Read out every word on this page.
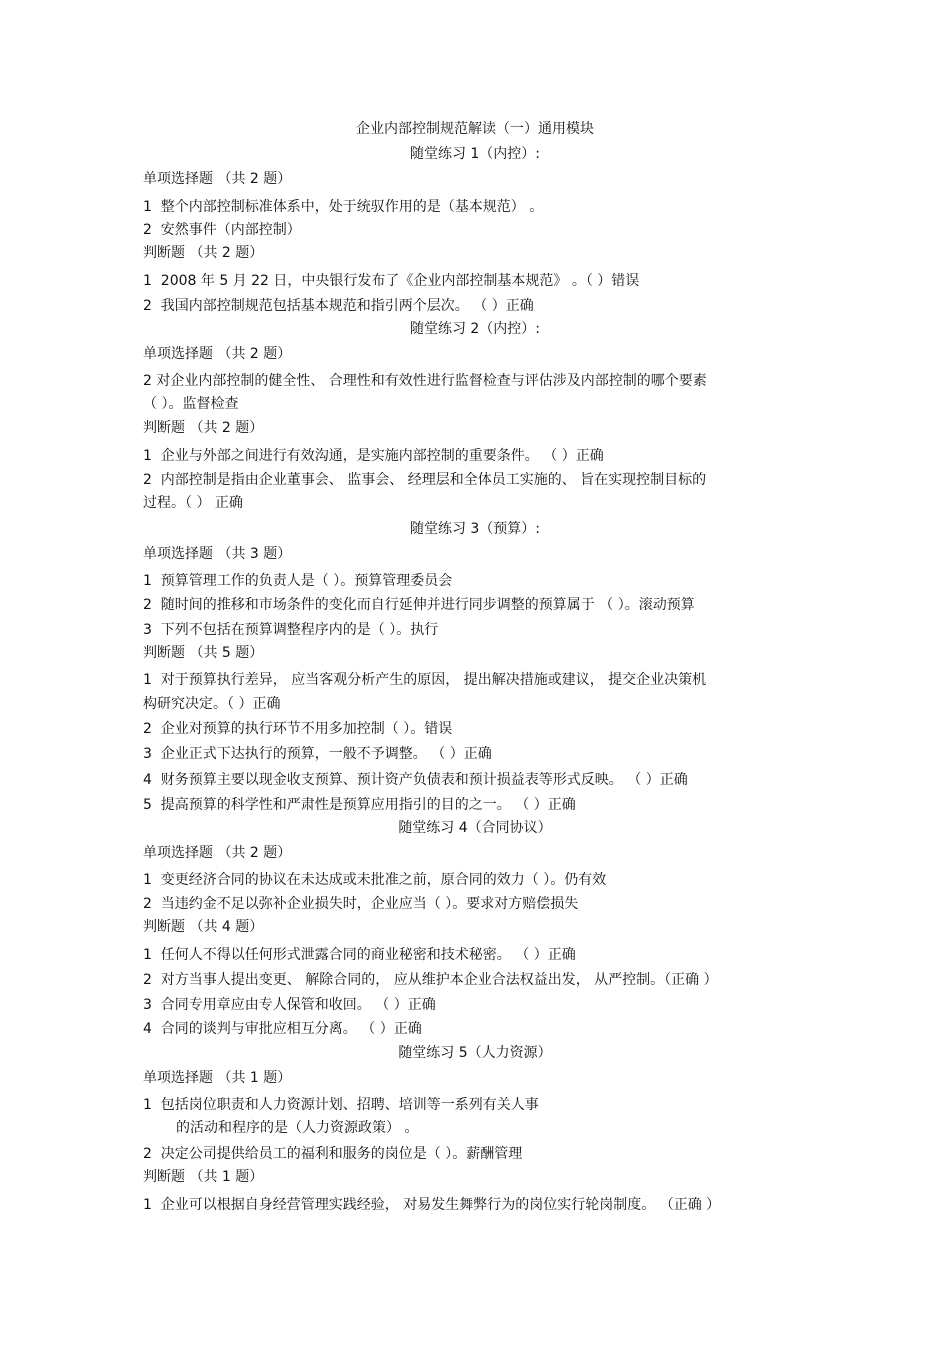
企业内部控制规范解读（一）通用模块
随堂练习 1（内控）:
单项选择题 （共 2 题）
1  整个内部控制标准体系中，处于统驭作用的是（基本规范） 。
2  安然事件（内部控制）
判断题 （共 2 题）
1  2008 年 5 月 22 日，中央银行发布了《企业内部控制基本规范》 。（ ）错误
2  我国内部控制规范包括基本规范和指引两个层次。 （ ）正确
随堂练习 2（内控）:
单项选择题 （共 2 题）
2 对企业内部控制的健全性、 合理性和有效性进行监督检查与评估涉及内部控制的哪个要素
（ ）。监督检查
判断题 （共 2 题）
1  企业与外部之间进行有效沟通，是实施内部控制的重要条件。 （ ）正确
2  内部控制是指由企业董事会、 监事会、 经理层和全体员工实施的、 旨在实现控制目标的
过程。（ ） 正确
随堂练习 3（预算）:
单项选择题 （共 3 题）
1  预算管理工作的负责人是（ ）。预算管理委员会
2  随时间的推移和市场条件的变化而自行延伸并进行同步调整的预算属于 （ ）。滚动预算
3  下列不包括在预算调整程序内的是（ ）。执行
判断题 （共 5 题）
1  对于预算执行差异， 应当客观分析产生的原因， 提出解决措施或建议， 提交企业决策机
构研究决定。（ ）正确
2  企业对预算的执行环节不用多加控制（ ）。错误
3  企业正式下达执行的预算，一般不予调整。 （ ）正确
4  财务预算主要以现金收支预算、预计资产负债表和预计损益表等形式反映。 （ ）正确
5  提高预算的科学性和严肃性是预算应用指引的目的之一。 （ ）正确
随堂练习 4（合同协议）
单项选择题 （共 2 题）
1  变更经济合同的协议在未达成或未批准之前，原合同的效力（ ）。仍有效
2  当违约金不足以弥补企业损失时，企业应当（ ）。要求对方赔偿损失
判断题 （共 4 题）
1  任何人不得以任何形式泄露合同的商业秘密和技术秘密。 （ ）正确
2  对方当事人提出变更、 解除合同的， 应从维护本企业合法权益出发， 从严控制。（正确 ）
3  合同专用章应由专人保管和收回。 （ ）正确
4  合同的谈判与审批应相互分离。 （ ）正确
随堂练习 5（人力资源）
单项选择题 （共 1 题）
1  包括岗位职责和人力资源计划、招聘、培训等一系列有关人事
的活动和程序的是（人力资源政策） 。
2  决定公司提供给员工的福利和服务的岗位是（ ）。薪酬管理
判断题 （共 1 题）
1  企业可以根据自身经营管理实践经验， 对易发生舞弊行为的岗位实行轮岗制度。 （正确 ）
